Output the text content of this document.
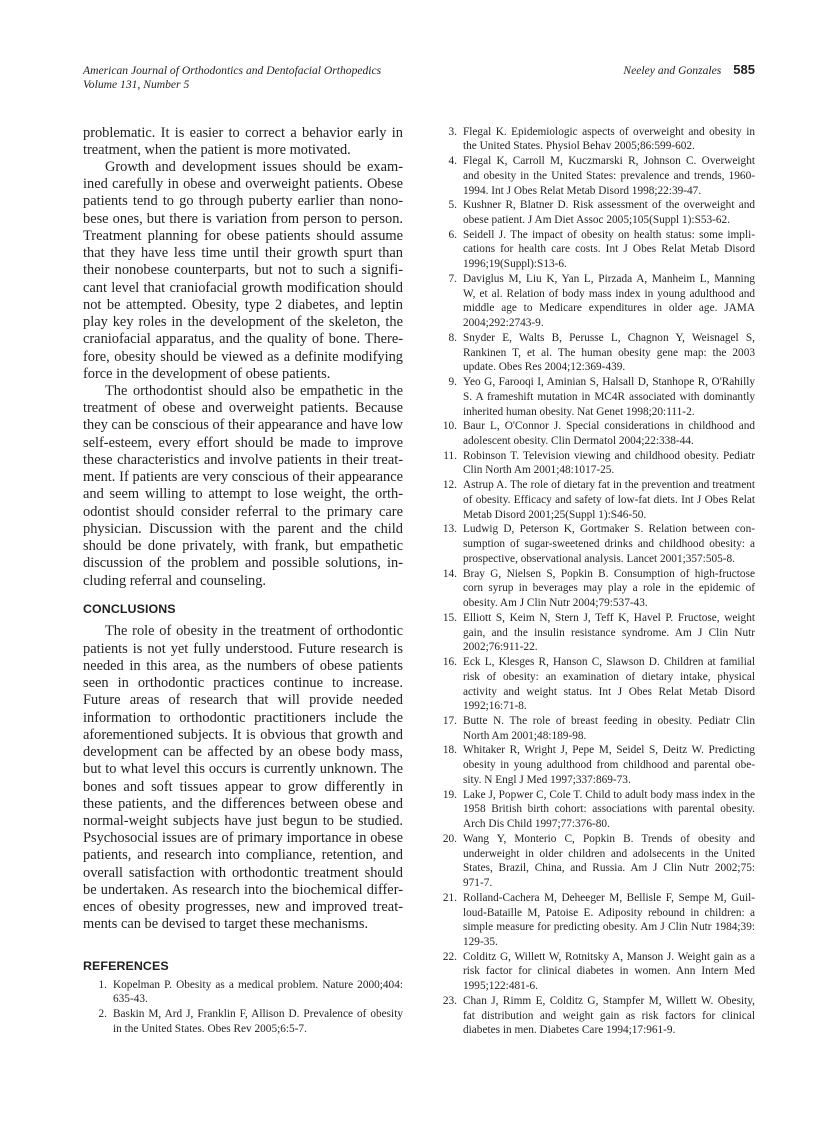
American Journal of Orthodontics and Dentofacial Orthopedics
Volume 131, Number 5
Neeley and Gonzales 585
problematic. It is easier to correct a behavior early in
treatment, when the patient is more motivated.
Growth and development issues should be exam-
ined carefully in obese and overweight patients. Obese
patients tend to go through puberty earlier than nono-
bese ones, but there is variation from person to person.
Treatment planning for obese patients should assume
that they have less time until their growth spurt than
their nonobese counterparts, but not to such a signifi-
cant level that craniofacial growth modification should
not be attempted. Obesity, type 2 diabetes, and leptin
play key roles in the development of the skeleton, the
craniofacial apparatus, and the quality of bone. There-
fore, obesity should be viewed as a definite modifying
force in the development of obese patients.
The orthodontist should also be empathetic in the
treatment of obese and overweight patients. Because
they can be conscious of their appearance and have low
self-esteem, every effort should be made to improve
these characteristics and involve patients in their treat-
ment. If patients are very conscious of their appearance
and seem willing to attempt to lose weight, the orth-
odontist should consider referral to the primary care
physician. Discussion with the parent and the child
should be done privately, with frank, but empathetic
discussion of the problem and possible solutions, in-
cluding referral and counseling.
CONCLUSIONS
The role of obesity in the treatment of orthodontic
patients is not yet fully understood. Future research is
needed in this area, as the numbers of obese patients
seen in orthodontic practices continue to increase.
Future areas of research that will provide needed
information to orthodontic practitioners include the
aforementioned subjects. It is obvious that growth and
development can be affected by an obese body mass,
but to what level this occurs is currently unknown. The
bones and soft tissues appear to grow differently in
these patients, and the differences between obese and
normal-weight subjects have just begun to be studied.
Psychosocial issues are of primary importance in obese
patients, and research into compliance, retention, and
overall satisfaction with orthodontic treatment should
be undertaken. As research into the biochemical differ-
ences of obesity progresses, new and improved treat-
ments can be devised to target these mechanisms.
REFERENCES
1. Kopelman P. Obesity as a medical problem. Nature 2000;404:
635-43.
2. Baskin M, Ard J, Franklin F, Allison D. Prevalence of obesity
in the United States. Obes Rev 2005;6:5-7.
3. Flegal K. Epidemiologic aspects of overweight and obesity in
the United States. Physiol Behav 2005;86:599-602.
4. Flegal K, Carroll M, Kuczmarski R, Johnson C. Overweight
and obesity in the United States: prevalence and trends, 1960-
1994. Int J Obes Relat Metab Disord 1998;22:39-47.
5. Kushner R, Blatner D. Risk assessment of the overweight and
obese patient. J Am Diet Assoc 2005;105(Suppl 1):S53-62.
6. Seidell J. The impact of obesity on health status: some impli-
cations for health care costs. Int J Obes Relat Metab Disord
1996;19(Suppl):S13-6.
7. Daviglus M, Liu K, Yan L, Pirzada A, Manheim L, Manning
W, et al. Relation of body mass index in young adulthood and
middle age to Medicare expenditures in older age. JAMA
2004;292:2743-9.
8. Snyder E, Walts B, Perusse L, Chagnon Y, Weisnagel S,
Rankinen T, et al. The human obesity gene map: the 2003
update. Obes Res 2004;12:369-439.
9. Yeo G, Farooqi I, Aminian S, Halsall D, Stanhope R, O'Rahilly
S. A frameshift mutation in MC4R associated with dominantly
inherited human obesity. Nat Genet 1998;20:111-2.
10. Baur L, O'Connor J. Special considerations in childhood and
adolescent obesity. Clin Dermatol 2004;22:338-44.
11. Robinson T. Television viewing and childhood obesity. Pediatr
Clin North Am 2001;48:1017-25.
12. Astrup A. The role of dietary fat in the prevention and treatment
of obesity. Efficacy and safety of low-fat diets. Int J Obes Relat
Metab Disord 2001;25(Suppl 1):S46-50.
13. Ludwig D, Peterson K, Gortmaker S. Relation between con-
sumption of sugar-sweetened drinks and childhood obesity: a
prospective, observational analysis. Lancet 2001;357:505-8.
14. Bray G, Nielsen S, Popkin B. Consumption of high-fructose
corn syrup in beverages may play a role in the epidemic of
obesity. Am J Clin Nutr 2004;79:537-43.
15. Elliott S, Keim N, Stern J, Teff K, Havel P. Fructose, weight
gain, and the insulin resistance syndrome. Am J Clin Nutr
2002;76:911-22.
16. Eck L, Klesges R, Hanson C, Slawson D. Children at familial
risk of obesity: an examination of dietary intake, physical
activity and weight status. Int J Obes Relat Metab Disord
1992;16:71-8.
17. Butte N. The role of breast feeding in obesity. Pediatr Clin
North Am 2001;48:189-98.
18. Whitaker R, Wright J, Pepe M, Seidel S, Deitz W. Predicting
obesity in young adulthood from childhood and parental obe-
sity. N Engl J Med 1997;337:869-73.
19. Lake J, Popwer C, Cole T. Child to adult body mass index in the
1958 British birth cohort: associations with parental obesity.
Arch Dis Child 1997;77:376-80.
20. Wang Y, Monterio C, Popkin B. Trends of obesity and
underweight in older children and adolsecents in the United
States, Brazil, China, and Russia. Am J Clin Nutr 2002;75:
971-7.
21. Rolland-Cachera M, Deheeger M, Bellisle F, Sempe M, Guil-
loud-Bataille M, Patoise E. Adiposity rebound in children: a
simple measure for predicting obesity. Am J Clin Nutr 1984;39:
129-35.
22. Colditz G, Willett W, Rotnitsky A, Manson J. Weight gain as a
risk factor for clinical diabetes in women. Ann Intern Med
1995;122:481-6.
23. Chan J, Rimm E, Colditz G, Stampfer M, Willett W. Obesity,
fat distribution and weight gain as risk factors for clinical
diabetes in men. Diabetes Care 1994;17:961-9.
